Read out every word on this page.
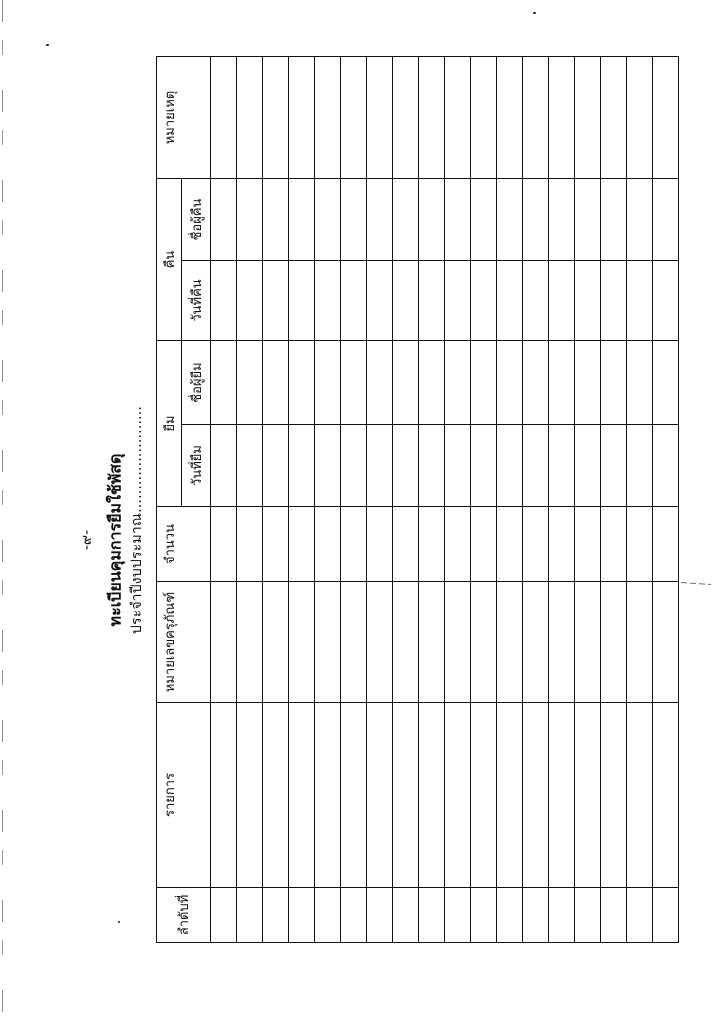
-๙- ทะเบียนคุมการยืมใช้พัสดุ ประจำปีงบประมาณ.......................
ลำดับที่	รายการ	หมายเลขครุภัณฑ์	จำนวน	ยืม		คืน		หมายเหตุ
				วันที่ยืม	ชื่อผู้ยืม	วันที่คืน	ชื่อผู้คืน	
